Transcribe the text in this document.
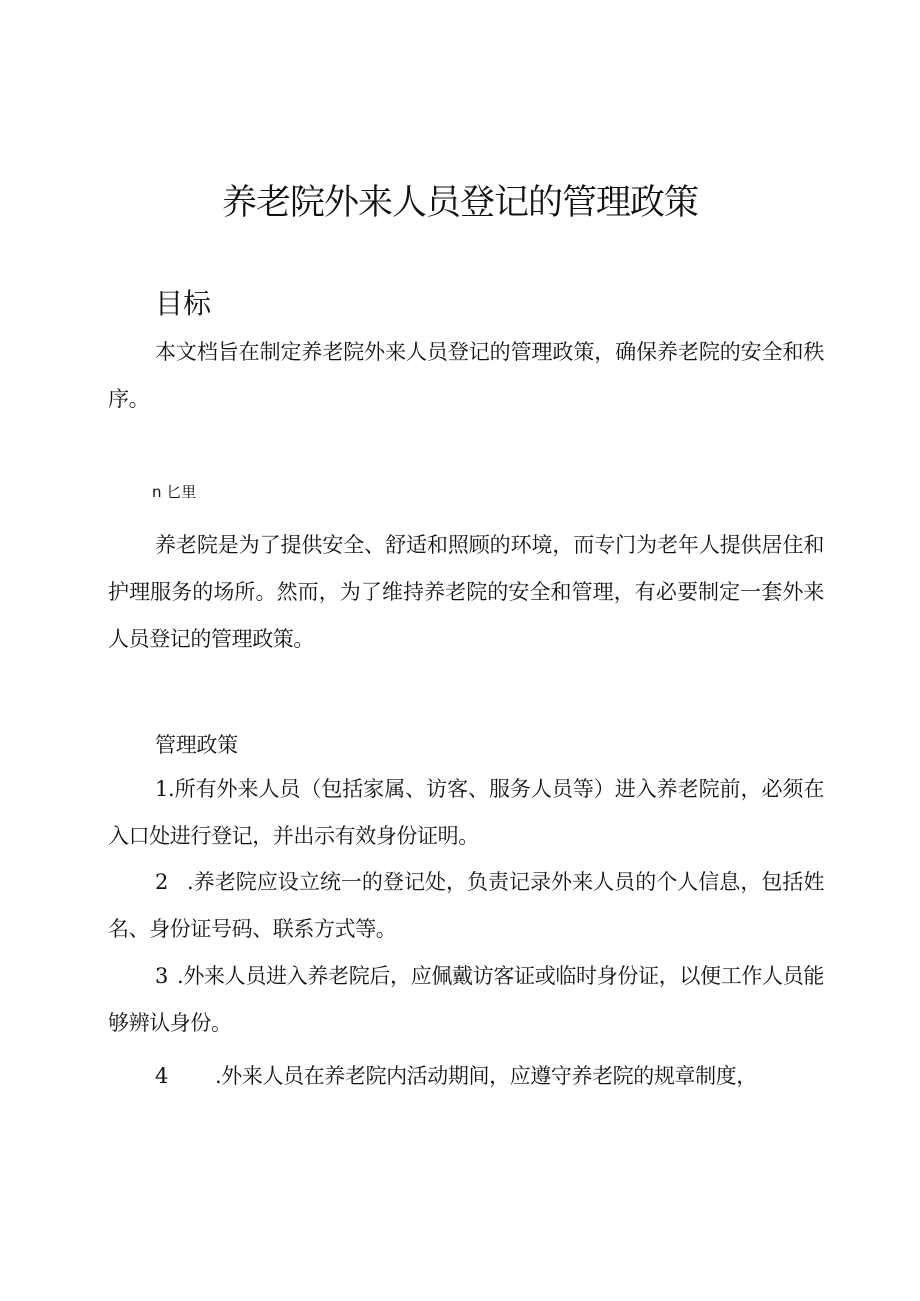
养老院外来人员登记的管理政策
目标

本文档旨在制定养老院外来人员登记的管理政策，确保养老院的安全和秩序。

n 匕里

养老院是为了提供安全、舒适和照顾的环境，而专门为老年人提供居住和护理服务的场所。然而，为了维持养老院的安全和管理，有必要制定一套外来人员登记的管理政策。

管理政策

1.所有外来人员（包括家属、访客、服务人员等）进入养老院前，必须在入口处进行登记，并出示有效身份证明。

2 .养老院应设立统一的登记处，负责记录外来人员的个人信息，包括姓名、身份证号码、联系方式等。

3 .外来人员进入养老院后，应佩戴访客证或临时身份证，以便工作人员能够辨认身份。

4 .外来人员在养老院内活动期间，应遵守养老院的规章制度，
